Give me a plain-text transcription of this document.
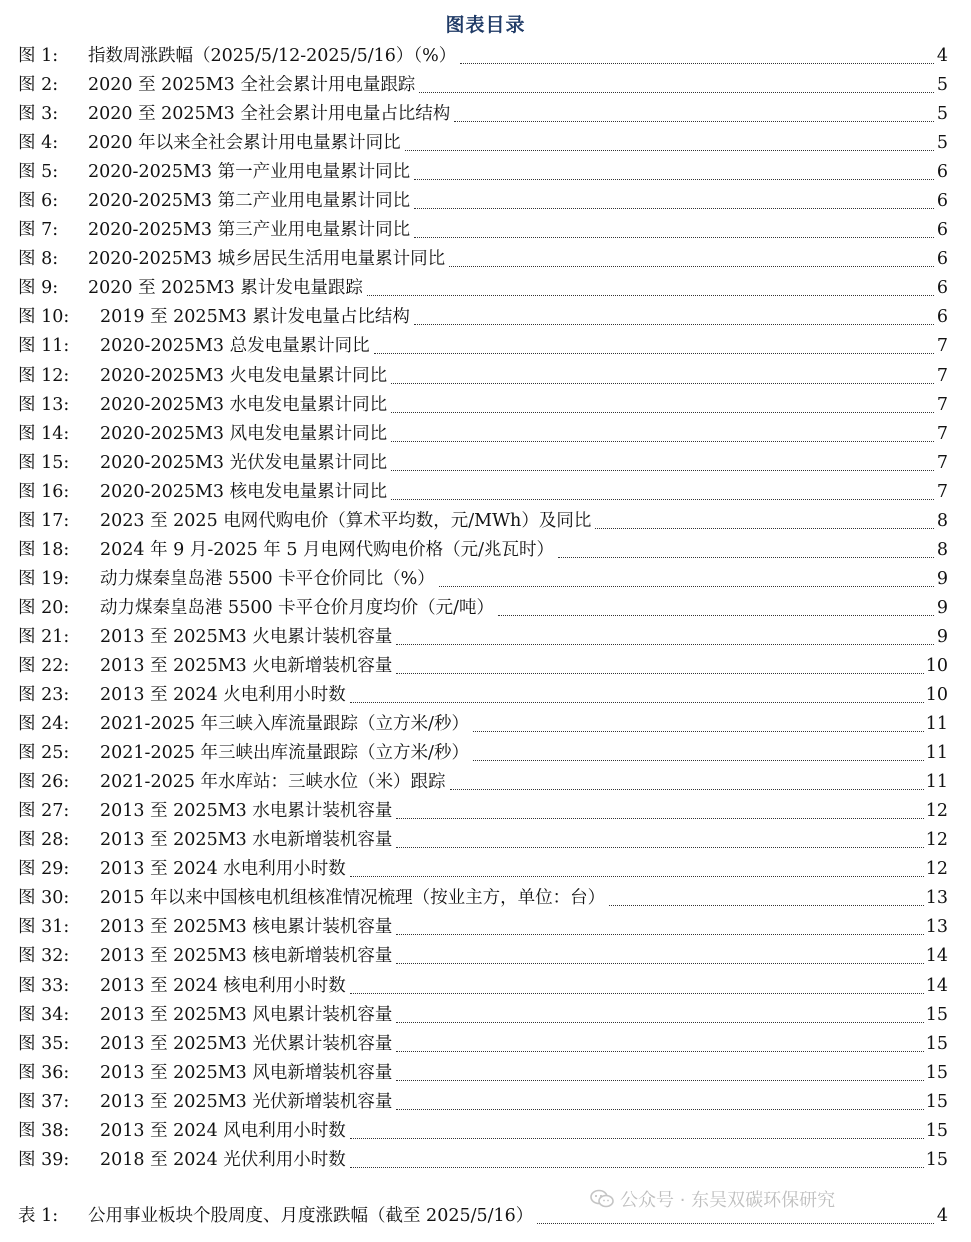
图表目录
图 1:	指数周涨跌幅（2025/5/12-2025/5/16）（%）	4
图 2:	2020 至 2025M3 全社会累计用电量跟踪	5
图 3:	2020 至 2025M3 全社会累计用电量占比结构	5
图 4:	2020 年以来全社会累计用电量累计同比	5
图 5:	2020-2025M3 第一产业用电量累计同比	6
图 6:	2020-2025M3 第二产业用电量累计同比	6
图 7:	2020-2025M3 第三产业用电量累计同比	6
图 8:	2020-2025M3 城乡居民生活用电量累计同比	6
图 9:	2020 至 2025M3 累计发电量跟踪	6
图 10:	2019 至 2025M3 累计发电量占比结构	6
图 11:	2020-2025M3 总发电量累计同比	7
图 12:	2020-2025M3 火电发电量累计同比	7
图 13:	2020-2025M3 水电发电量累计同比	7
图 14:	2020-2025M3 风电发电量累计同比	7
图 15:	2020-2025M3 光伏发电量累计同比	7
图 16:	2020-2025M3 核电发电量累计同比	7
图 17:	2023 至 2025 电网代购电价（算术平均数，元/MWh）及同比	8
图 18:	2024 年 9 月-2025 年 5 月电网代购电价格（元/兆瓦时）	8
图 19:	动力煤秦皇岛港 5500 卡平仓价同比（%）	9
图 20:	动力煤秦皇岛港 5500 卡平仓价月度均价（元/吨）	9
图 21:	2013 至 2025M3 火电累计装机容量	9
图 22:	2013 至 2025M3 火电新增装机容量	10
图 23:	2013 至 2024 火电利用小时数	10
图 24:	2021-2025 年三峡入库流量跟踪（立方米/秒）	11
图 25:	2021-2025 年三峡出库流量跟踪（立方米/秒）	11
图 26:	2021-2025 年水库站：三峡水位（米）跟踪	11
图 27:	2013 至 2025M3 水电累计装机容量	12
图 28:	2013 至 2025M3 水电新增装机容量	12
图 29:	2013 至 2024 水电利用小时数	12
图 30:	2015 年以来中国核电机组核准情况梳理（按业主方，单位：台）	13
图 31:	2013 至 2025M3 核电累计装机容量	13
图 32:	2013 至 2025M3 核电新增装机容量	14
图 33:	2013 至 2024 核电利用小时数	14
图 34:	2013 至 2025M3 风电累计装机容量	15
图 35:	2013 至 2025M3 光伏累计装机容量	15
图 36:	2013 至 2025M3 风电新增装机容量	15
图 37:	2013 至 2025M3 光伏新增装机容量	15
图 38:	2013 至 2024 风电利用小时数	15
图 39:	2018 至 2024 光伏利用小时数	15
表 1:	公用事业板块个股周度、月度涨跌幅（截至 2025/5/16）	4
公众号 · 东吴双碳环保研究
